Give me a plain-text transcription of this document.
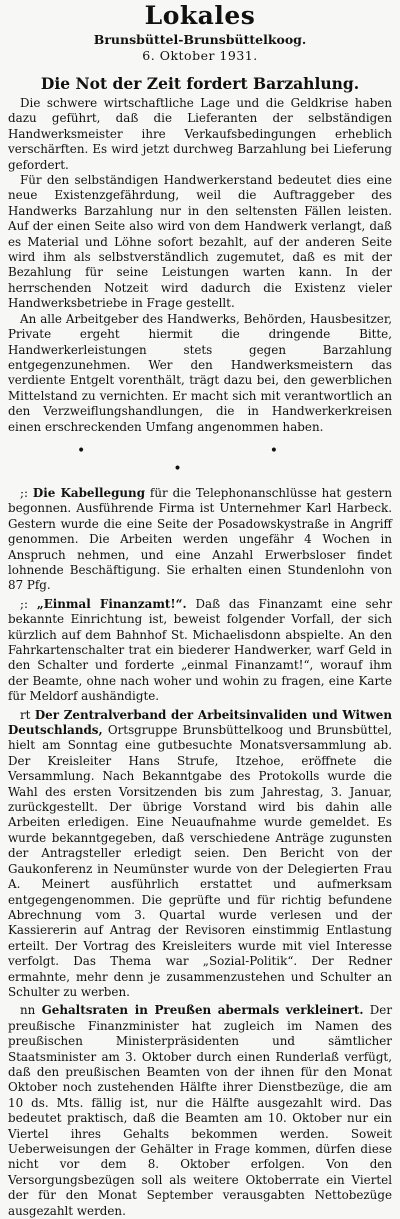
Lokales
Brunsbüttel-Brunsbüttelkoog.
6. Oktober 1931.
Die Not der Zeit fordert Barzahlung.

Die schwere wirtschaftliche Lage und die Geldkrise haben dazu geführt, daß die Lieferanten der selbständigen Handwerksmeister ihre Verkaufsbedingungen erheblich verschärften. Es wird jetzt durchweg Barzahlung bei Lieferung gefordert.

Für den selbständigen Handwerkerstand bedeutet dies eine neue Existenzgefährdung, weil die Auftraggeber des Handwerks Barzahlung nur in den seltensten Fällen leisten. Auf der einen Seite also wird von dem Handwerk verlangt, daß es Material und Löhne sofort bezahlt, auf der anderen Seite wird ihm als selbstverständlich zugemutet, daß es mit der Bezahlung für seine Leistungen warten kann. In der herrschenden Notzeit wird dadurch die Existenz vieler Handwerksbetriebe in Frage gestellt.

An alle Arbeitgeber des Handwerks, Behörden, Hausbesitzer, Private ergeht hiermit die dringende Bitte, Handwerkerleistungen stets gegen Barzahlung entgegenzunehmen. Wer den Handwerksmeistern das verdiente Entgelt vorenthält, trägt dazu bei, den gewerblichen Mittelstand zu vernichten. Er macht sich mit verantwortlich an den Verzweiflungshandlungen, die in Handwerkerkreisen einen erschreckenden Umfang angenommen haben.

• • •

;: Die Kabellegung für die Telephonanschlüsse hat gestern begonnen. Ausführende Firma ist Unternehmer Karl Harbeck. Gestern wurde die eine Seite der Posadowskystraße in Angriff genommen. Die Arbeiten werden ungefähr 4 Wochen in Anspruch nehmen, und eine Anzahl Erwerbsloser findet lohnende Beschäftigung. Sie erhalten einen Stundenlohn von 87 Pfg.

;: „Einmal Finanzamt!“. Daß das Finanzamt eine sehr bekannte Einrichtung ist, beweist folgender Vorfall, der sich kürzlich auf dem Bahnhof St. Michaelisdonn abspielte. An den Fahrkartenschalter trat ein biederer Handwerker, warf Geld in den Schalter und forderte „einmal Finanzamt!“, worauf ihm der Beamte, ohne nach woher und wohin zu fragen, eine Karte für Meldorf aushändigte.

rt Der Zentralverband der Arbeitsinvaliden und Witwen Deutschlands, Ortsgruppe Brunsbüttelkoog und Brunsbüttel, hielt am Sonntag eine gutbesuchte Monatsversammlung ab. Der Kreisleiter Hans Strufe, Itzehoe, eröffnete die Versammlung. Nach Bekanntgabe des Protokolls wurde die Wahl des ersten Vorsitzenden bis zum Jahrestag, 3. Januar, zurückgestellt. Der übrige Vorstand wird bis dahin alle Arbeiten erledigen. Eine Neuaufnahme wurde gemeldet. Es wurde bekanntgegeben, daß verschiedene Anträge zugunsten der Antragsteller erledigt seien. Den Bericht von der Gaukonferenz in Neumünster wurde von der Delegierten Frau A. Meinert ausführlich erstattet und aufmerksam entgegengenommen. Die geprüfte und für richtig befundene Abrechnung vom 3. Quartal wurde verlesen und der Kassiererin auf Antrag der Revisoren einstimmig Entlastung erteilt. Der Vortrag des Kreisleiters wurde mit viel Interesse verfolgt. Das Thema war „Sozial-Politik“. Der Redner ermahnte, mehr denn je zusammenzustehen und Schulter an Schulter zu werben.

nn Gehaltsraten in Preußen abermals verkleinert. Der preußische Finanzminister hat zugleich im Namen des preußischen Ministerpräsidenten und sämtlicher Staatsminister am 3. Oktober durch einen Runderlaß verfügt, daß den preußischen Beamten von der ihnen für den Monat Oktober noch zustehenden Hälfte ihrer Dienstbezüge, die am 10 ds. Mts. fällig ist, nur die Hälfte ausgezahlt wird. Das bedeutet praktisch, daß die Beamten am 10. Oktober nur ein Viertel ihres Gehalts bekommen werden. Soweit Ueberweisungen der Gehälter in Frage kommen, dürfen diese nicht vor dem 8. Oktober erfolgen. Von den Versorgungsbezügen soll als weitere Oktoberrate ein Viertel der für den Monat September verausgabten Nettobezüge ausgezahlt werden.
